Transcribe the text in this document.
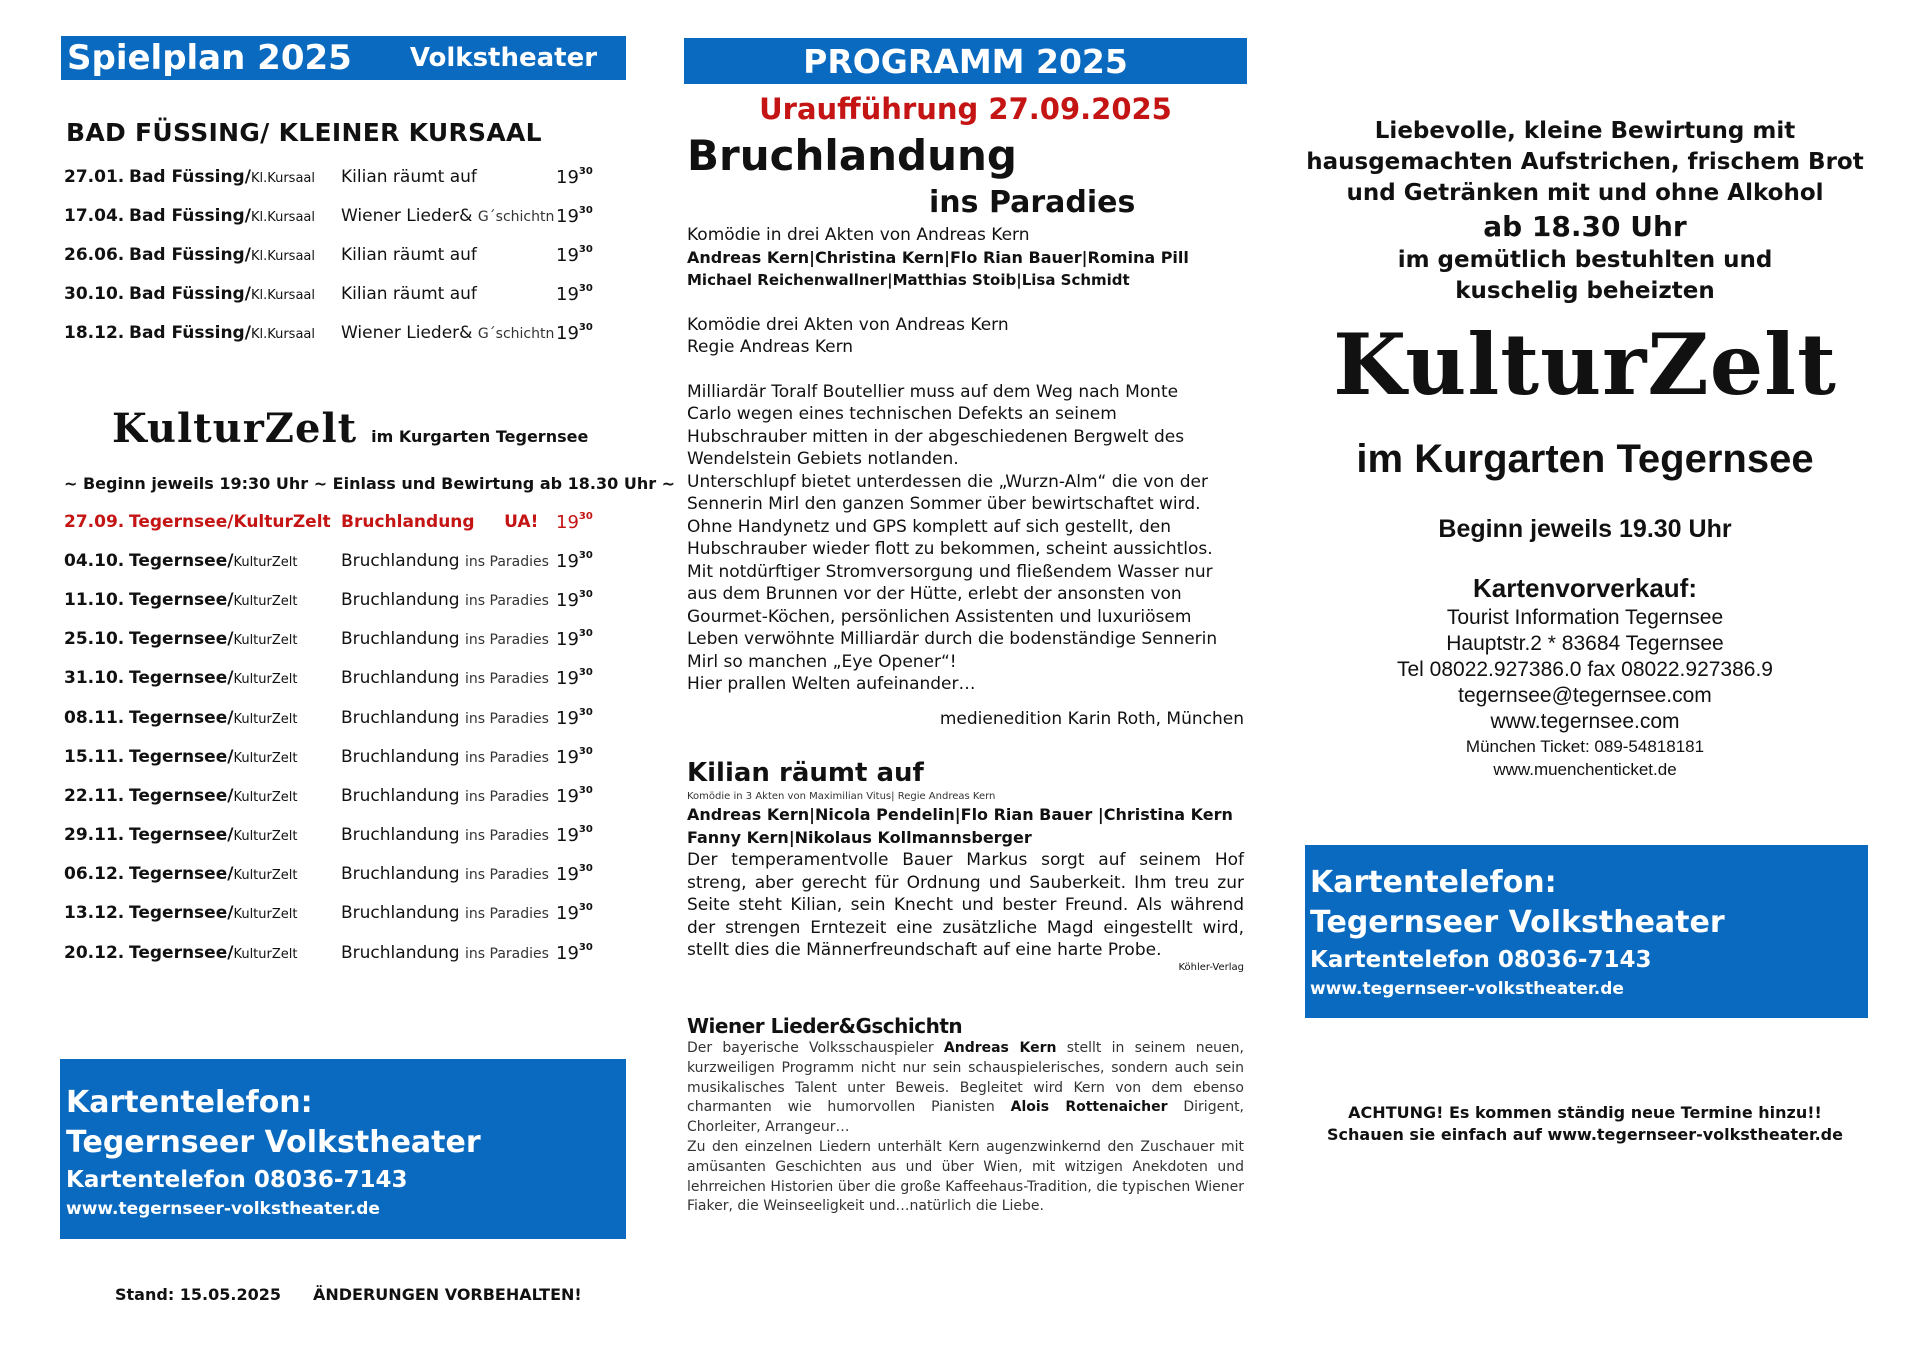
Spielplan 2025 Volkstheater
BAD FÜSSING/ KLEINER KURSAAL
27.01. Bad Füssing/Kl.Kursaal	Kilian räumt auf	$19^{30}$
17.04. Bad Füssing/Kl.Kursaal	Wiener Lieder& G´schichtn $19^{30}$
26.06. Bad Füssing/Kl.Kursaal	Kilian räumt auf	$19^{30}$
30.10. Bad Füssing/Kl.Kursaal	Kilian räumt auf	$19^{30}$
18.12. Bad Füssing/Kl.Kursaal	Wiener Lieder& G´schichtn $19^{30}$
KulturZelt im Kurgarten Tegernsee
~ Beginn jeweils 19:30 Uhr ~ Einlass und Bewirtung ab 18.30 Uhr ~
27.09. Tegernsee/KulturZelt Bruchlandung UA! $19^{30}$
04.10. Tegernsee/KulturZelt	Bruchlandung ins Paradies $19^{30}$
11.10. Tegernsee/KulturZelt	Bruchlandung ins Paradies $19^{30}$
25.10. Tegernsee/KulturZelt	Bruchlandung ins Paradies $19^{30}$
31.10. Tegernsee/KulturZelt	Bruchlandung ins Paradies $19^{30}$
08.11. Tegernsee/KulturZelt	Bruchlandung ins Paradies $19^{30}$
15.11. Tegernsee/KulturZelt	Bruchlandung ins Paradies $19^{30}$
22.11. Tegernsee/KulturZelt	Bruchlandung ins Paradies $19^{30}$
29.11. Tegernsee/KulturZelt	Bruchlandung ins Paradies $19^{30}$
06.12. Tegernsee/KulturZelt	Bruchlandung ins Paradies $19^{30}$
13.12. Tegernsee/KulturZelt	Bruchlandung ins Paradies $19^{30}$
20.12. Tegernsee/KulturZelt	Bruchlandung ins Paradies $19^{30}$
Kartentelefon:
Tegernseer Volkstheater
Kartentelefon 08036-7143
www.tegernseer-volkstheater.de
Stand: 15.05.2025 ÄNDERUNGEN VORBEHALTEN!
PROGRAMM 2025
Uraufführung 27.09.2025
Bruchlandung
ins Paradies
Komödie in drei Akten von Andreas Kern
Andreas Kern|Christina Kern|Flo Rian Bauer|Romina Pill
Michael Reichenwallner|Matthias Stoib|Lisa Schmidt
Komödie drei Akten von Andreas Kern
Regie Andreas Kern
Milliardär Toralf Boutellier muss auf dem Weg nach Monte
Carlo wegen eines technischen Defekts an seinem
Hubschrauber mitten in der abgeschiedenen Bergwelt des
Wendelstein Gebiets notlanden.
Unterschlupf bietet unterdessen die „Wurzn-Alm“ die von der
Sennerin Mirl den ganzen Sommer über bewirtschaftet wird.
Ohne Handynetz und GPS komplett auf sich gestellt, den
Hubschrauber wieder flott zu bekommen, scheint aussichtlos.
Mit notdürftiger Stromversorgung und fließendem Wasser nur
aus dem Brunnen vor der Hütte, erlebt der ansonsten von
Gourmet-Köchen, persönlichen Assistenten und luxuriösem
Leben verwöhnte Milliardär durch die bodenständige Sennerin
Mirl so manchen „Eye Opener“!
Hier prallen Welten aufeinander…
medienedition Karin Roth, München
Kilian räumt auf
Komödie in 3 Akten von Maximilian Vitus| Regie Andreas Kern
Andreas Kern|Nicola Pendelin|Flo Rian Bauer |Christina Kern
Fanny Kern|Nikolaus Kollmannsberger
Der temperamentvolle Bauer Markus sorgt auf seinem Hof streng, aber gerecht für Ordnung und Sauberkeit. Ihm treu zur Seite steht Kilian, sein Knecht und bester Freund. Als während der strengen Erntezeit eine zusätzliche Magd eingestellt wird, stellt dies die Männerfreundschaft auf eine harte Probe.
Köhler-Verlag
Wiener Lieder&Gschichtn
Der bayerische Volksschauspieler Andreas Kern stellt in seinem neuen, kurzweiligen Programm nicht nur sein schauspielerisches, sondern auch sein musikalisches Talent unter Beweis. Begleitet wird Kern von dem ebenso charmanten wie humorvollen Pianisten Alois Rottenaicher Dirigent, Chorleiter, Arrangeur…
Zu den einzelnen Liedern unterhält Kern augenzwinkernd den Zuschauer mit amüsanten Geschichten aus und über Wien, mit witzigen Anekdoten und lehrreichen Historien über die große Kaffeehaus-Tradition, die typischen Wiener Fiaker, die Weinseeligkeit und…natürlich die Liebe.
Liebevolle, kleine Bewirtung mit
hausgemachten Aufstrichen, frischem Brot
und Getränken mit und ohne Alkohol
ab 18.30 Uhr
im gemütlich bestuhlten und
kuschelig beheizten
KulturZelt
im Kurgarten Tegernsee
Beginn jeweils 19.30 Uhr
Kartenvorverkauf:
Tourist Information Tegernsee
Hauptstr.2 * 83684 Tegernsee
Tel 08022.927386.0 fax 08022.927386.9
tegernsee@tegernsee.com
www.tegernsee.com
München Ticket: 089-54818181
www.muenchenticket.de
Kartentelefon:
Tegernseer Volkstheater
Kartentelefon 08036-7143
www.tegernseer-volkstheater.de
ACHTUNG! Es kommen ständig neue Termine hinzu!!
Schauen sie einfach auf www.tegernseer-volkstheater.de
